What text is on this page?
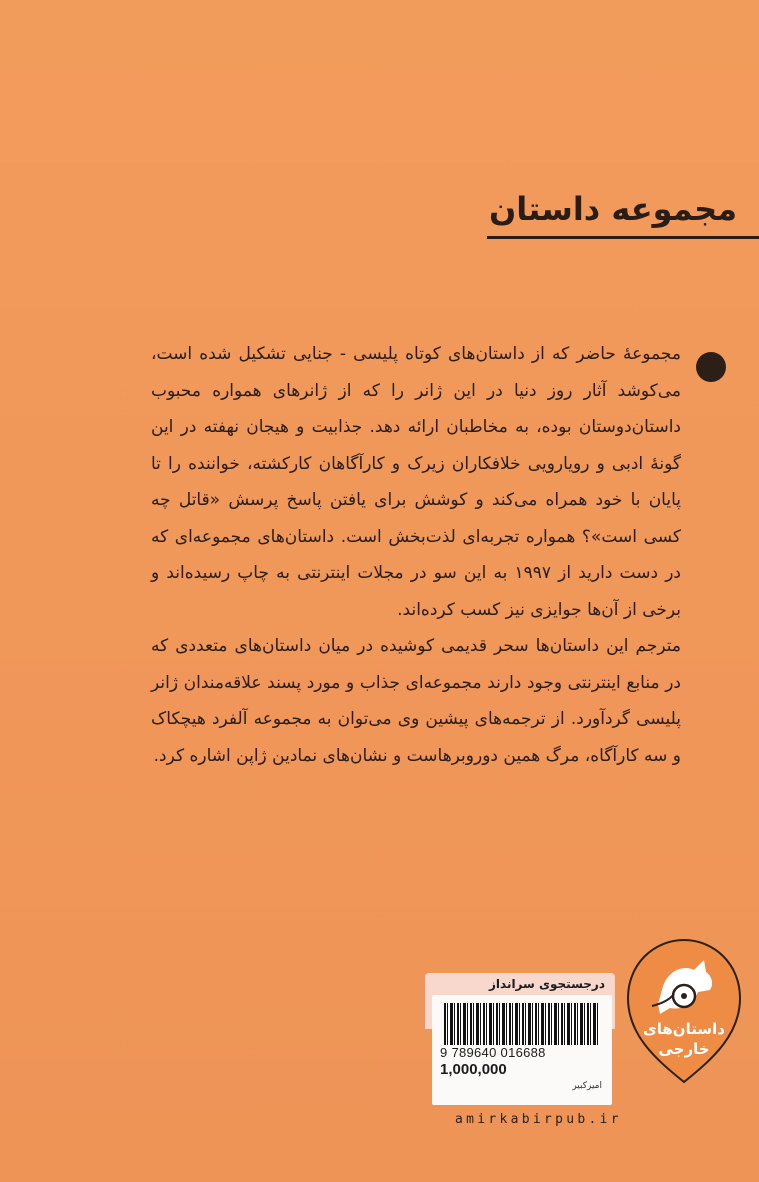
مجموعه داستان

مجموعهٔ حاضر که از داستان‌های کوتاه پلیسی - جنایی تشکیل شده است، می‌کوشد آثار روز دنیا در این ژانر را که از ژانرهای همواره محبوب داستان‌دوستان بوده، به مخاطبان ارائه دهد. جذابیت و هیجان نهفته در این گونهٔ ادبی و رویارویی خلافکاران زیرک و کارآگاهان کارکشته، خواننده را تا پایان با خود همراه می‌کند و کوشش برای یافتن پاسخ پرسش «قاتل چه کسی است»؟ همواره تجربه‌ای لذت‌بخش است. داستان‌های مجموعه‌ای که در دست دارید از ۱۹۹۷ به این سو در مجلات اینترنتی به چاپ رسیده‌اند و برخی از آن‌ها جوایزی نیز کسب کرده‌اند.

مترجم این داستان‌ها سحر قدیمی کوشیده در میان داستان‌های متعددی که در منابع اینترنتی وجود دارند مجموعه‌ای جذاب و مورد پسند علاقه‌مندان ژانر پلیسی گردآورد. از ترجمه‌های پیشین وی می‌توان به مجموعه آلفرد هیچکاک و سه کارآگاه، مرگ همین دوروبرهاست و نشان‌های نمادین ژاپن اشاره کرد.

داستان‌های
خارجی
درجستجوی سرانداز
9 789640 016688
1,000,000
امیرکبیر
amirkabirpub.ir
